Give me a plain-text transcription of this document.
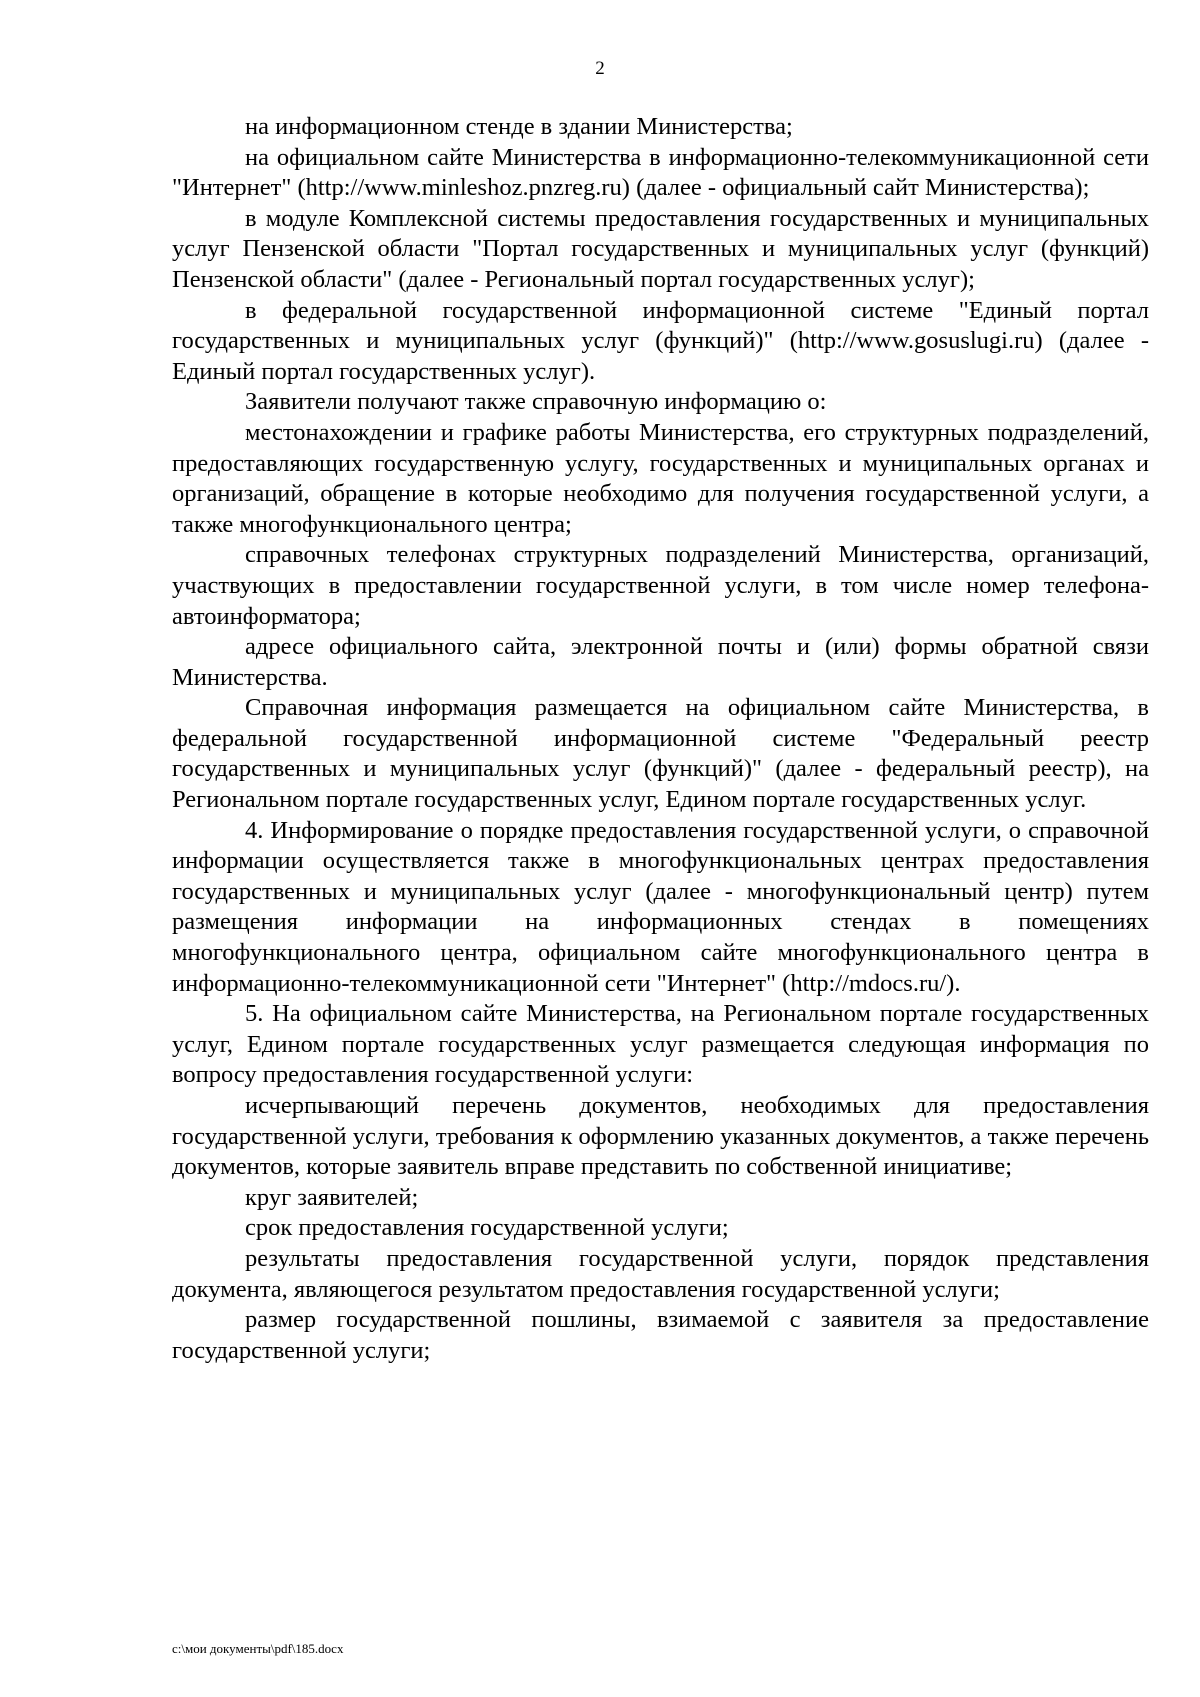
2

на информационном стенде в здании Министерства;

на официальном сайте Министерства в информационно-телекоммуникационной сети "Интернет" (http://www.minleshoz.pnzreg.ru) (далее - официальный сайт Министерства);

в модуле Комплексной системы предоставления государственных и муниципальных услуг Пензенской области "Портал государственных и муниципальных услуг (функций) Пензенской области" (далее - Региональный портал государственных услуг);

в федеральной государственной информационной системе "Единый портал государственных и муниципальных услуг (функций)" (http://www.gosuslugi.ru) (далее - Единый портал государственных услуг).

Заявители получают также справочную информацию о:

местонахождении и графике работы Министерства, его структурных подразделений, предоставляющих государственную услугу, государственных и муниципальных органах и организаций, обращение в которые необходимо для получения государственной услуги, а также многофункционального центра;

справочных телефонах структурных подразделений Министерства, организаций, участвующих в предоставлении государственной услуги, в том числе номер телефона-автоинформатора;

адресе официального сайта, электронной почты и (или) формы обратной связи Министерства.

Справочная информация размещается на официальном сайте Министерства, в федеральной государственной информационной системе "Федеральный реестр государственных и муниципальных услуг (функций)" (далее - федеральный реестр), на Региональном портале государственных услуг, Едином портале государственных услуг.

4. Информирование о порядке предоставления государственной услуги, о справочной информации осуществляется также в многофункциональных центрах предоставления государственных и муниципальных услуг (далее - многофункциональный центр) путем размещения информации на информационных стендах в помещениях многофункционального центра, официальном сайте многофункционального центра в информационно-телекоммуникационной сети "Интернет" (http://mdocs.ru/).

5. На официальном сайте Министерства, на Региональном портале государственных услуг, Едином портале государственных услуг размещается следующая информация по вопросу предоставления государственной услуги:

исчерпывающий перечень документов, необходимых для предоставления государственной услуги, требования к оформлению указанных документов, а также перечень документов, которые заявитель вправе представить по собственной инициативе;

круг заявителей;

срок предоставления государственной услуги;

результаты предоставления государственной услуги, порядок представления документа, являющегося результатом предоставления государственной услуги;

размер государственной пошлины, взимаемой с заявителя за предоставление государственной услуги;

c:\мои документы\pdf\185.docx
